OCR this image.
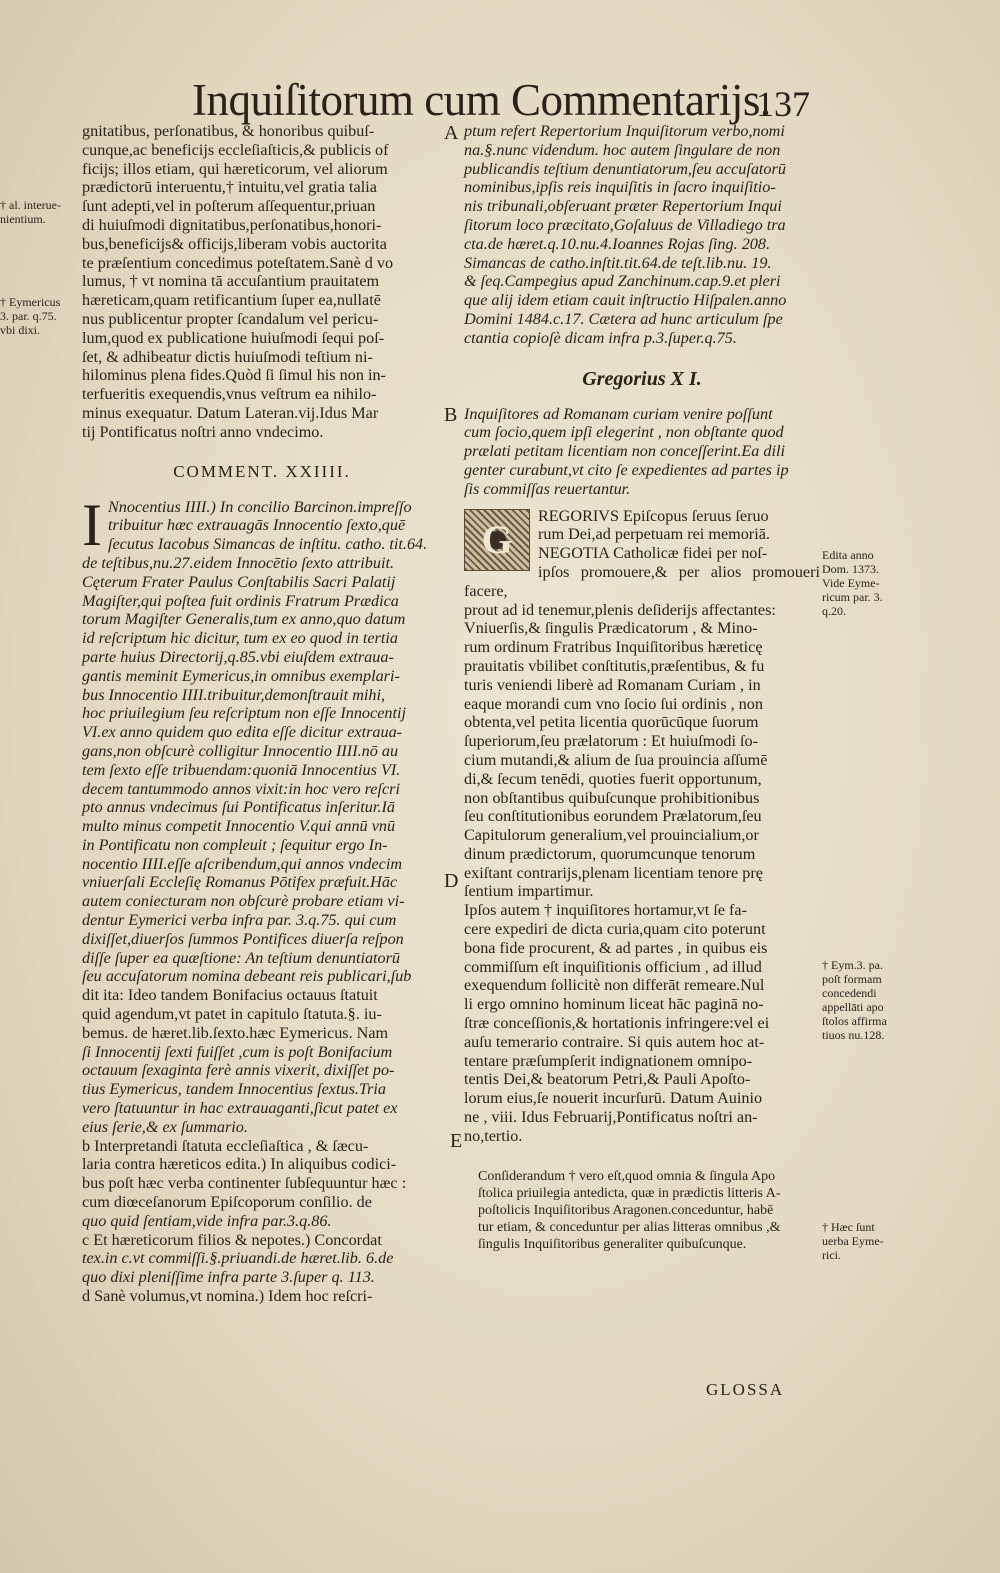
Inquiſitorum cum Commentarijs.
137

gnitatibus, perſonatibus, & honoribus quibuſ-

cunque,ac beneficijs eccleſiaſticis,& publicis of

ficijs; illos etiam, qui hæreticorum, vel aliorum

prædictorū interuentu,† intuitu,vel gratia talia

ſunt adepti,vel in poſterum aſſequentur,priuan

di huiuſmodi dignitatibus,perſonatibus,honori-

bus,beneficijs& officijs,liberam vobis auctorita

te præſentium concedimus poteſtatem.Sanè d vo

lumus, † vt nomina tā accuſantium prauitatem

hæreticam,quam retificantium ſuper ea,nullatē

nus publicentur propter ſcandalum vel pericu-

lum,quod ex publicatione huiuſmodi ſequi poſ-

ſet, & adhibeatur dictis huiuſmodi teſtium ni-

hilominus plena fides.Quòd ſi ſimul his non in-

terfueritis exequendis,vnus veſtrum ea nihilo-

minus exequatur. Datum Lateran.vij.Idus Mar

tij Pontificatus noſtri anno vndecimo.

COMMENT. XXIIII.
I Nnocentius IIII.) In concilio Barcinon.impreſſo

tribuitur hæc extrauagās Innocentio ſexto,quē

ſecutus Iacobus Simancas de inſtitu. catho. tit.64.

de teſtibus,nu.27.eidem Innocētio ſexto attribuit.

Cęterum Frater Paulus Conſtabilis Sacri Palatij

Magiſter,qui poſtea fuit ordinis Fratrum Prædica

torum Magiſter Generalis,tum ex anno,quo datum

id reſcriptum hic dicitur, tum ex eo quod in tertia

parte huius Directorij,q.85.vbi eiuſdem extraua-

gantis meminit Eymericus,in omnibus exemplari-

bus Innocentio IIII.tribuitur,demonſtrauit mihi,

hoc priuilegium ſeu reſcriptum non eſſe Innocentij

VI.ex anno quidem quo edita eſſe dicitur extraua-

gans,non obſcurè colligitur Innocentio IIII.nō au

tem ſexto eſſe tribuendam:quoniā Innocentius VI.

decem tantummodo annos vixit:in hoc vero reſcri

pto annus vndecimus ſui Pontificatus inſeritur.Iā

multo minus competit Innocentio V.qui annū vnū

in Pontificatu non compleuit ; ſequitur ergo In-

nocentio IIII.eſſe aſcribendum,qui annos vndecim

vniuerſali Eccleſię Romanus Pōtifex præfuit.Hāc

autem coniecturam non obſcurè probare etiam vi-

dentur Eymerici verba infra par. 3.q.75. qui cum

dixiſſet,diuerſos ſummos Pontifices diuerſa reſpon

diſſe ſuper ea quæſtione: An teſtium denuntiatorū

ſeu accuſatorum nomina debeant reis publicari,ſub

dit ita: Ideo tandem Bonifacius octauus ſtatuit

quid agendum,vt patet in capitulo ſtatuta.§. iu-

bemus. de hæret.lib.ſexto.hæc Eymericus. Nam

ſi Innocentij ſexti fuiſſet ,cum is poſt Bonifacium

octauum ſexaginta ferè annis vixerit, dixiſſet po-

tius Eymericus, tandem Innocentius ſextus.Tria

vero ſtatuuntur in hac extrauaganti,ſicut patet ex

eius ſerie,& ex ſummario.

b Interpretandi ſtatuta eccleſiaſtica , & ſæcu-

laria contra hæreticos edita.) In aliquibus codici-

bus poſt hæc verba continenter ſubſequuntur hæc :

cum diœceſanorum Epiſcoporum conſilio. de

quo quid ſentiam,vide infra par.3.q.86.

c Et hæreticorum filios & nepotes.) Concordat

tex.in c.vt commiſſi.§.priuandi.de hæret.lib. 6.de

quo dixi pleniſſime infra parte 3.ſuper q. 113.

d Sanè volumus,vt nomina.) Idem hoc reſcri-

ptum refert Repertorium Inquiſitorum verbo,nomi

na.§.nunc videndum. hoc autem ſingulare de non

publicandis teſtium denuntiatorum,ſeu accuſatorū

nominibus,ipſis reis inquiſitis in ſacro inquiſitio-

nis tribunali,obſeruant præter Repertorium Inqui

ſitorum loco præcitato,Goſaluus de Villadiego tra

cta.de hæret.q.10.nu.4.Ioannes Rojas ſing. 208.

Simancas de catho.inſtit.tit.64.de teſt.lib.nu. 19.

& ſeq.Campegius apud Zanchinum.cap.9.et pleri

que alij idem etiam cauit inſtructio Hiſpalen.anno

Domini 1484.c.17. Cætera ad hunc articulum ſpe

ctantia copioſè dicam infra p.3.ſuper.q.75.

Gregorius X I.

Inquiſitores ad Romanam curiam venire poſſunt

cum ſocio,quem ipſi elegerint , non obſtante quod

prælati petitam licentiam non conceſſerint.Ea dili

genter curabunt,vt cito ſe expedientes ad partes ip

ſis commiſſas reuertantur.

G

REGORIVS Epiſcopus ſeruus ſeruo

rum Dei,ad perpetuam rei memoriā.

NEGOTIA Catholicæ fidei per noſ-

ipſos promouere,& per alios promoueri facere,

prout ad id tenemur,plenis deſiderijs affectantes:

Vniuerſis,& ſingulis Prædicatorum , & Mino-

rum ordinum Fratribus Inquiſitoribus hæreticę

prauitatis vbilibet conſtitutis,præſentibus, & fu

turis veniendi liberè ad Romanam Curiam , in

eaque morandi cum vno ſocio ſui ordinis , non

obtenta,vel petita licentia quorūcūque ſuorum

ſuperiorum,ſeu prælatorum : Et huiuſmodi ſo-

cium mutandi,& alium de ſua prouincia aſſumē

di,& ſecum tenēdi, quoties fuerit opportunum,

non obſtantibus quibuſcunque prohibitionibus

ſeu conſtitutionibus eorundem Prælatorum,ſeu

Capitulorum generalium,vel prouincialium,or

dinum prædictorum, quorumcunque tenorum

exiſtant contrarijs,plenam licentiam tenore prę

ſentium impartimur.

Ipſos autem † inquiſitores hortamur,vt ſe fa-

cere expediri de dicta curia,quam cito poterunt

bona fide procurent, & ad partes , in quibus eis

commiſſum eſt inquiſitionis officium , ad illud

exequendum ſollicitè non differāt remeare.Nul

li ergo omnino hominum liceat hāc paginā no-

ſtræ conceſſionis,& hortationis infringere:vel ei

auſu temerario contraire. Si quis autem hoc at-

tentare præſumpſerit indignationem omnipo-

tentis Dei,& beatorum Petri,& Pauli Apoſto-

lorum eius,ſe nouerit incurſurū. Datum Auinio

ne , viii. Idus Februarij,Pontificatus noſtri an-

no,tertio.

Conſiderandum † vero eſt,quod omnia & ſingula Apo

ſtolica priuilegia antedicta, quæ in prædictis litteris A-

poſtolicis Inquiſitoribus Aragonen.conceduntur, habē

tur etiam, & conceduntur per alias litteras omnibus ,&

ſingulis Inquiſitoribus generaliter quibuſcunque.

GLOSSA
† al. interue-
nientium.
† Eymericus
3. par. q.75.
vbi dixi.
Edita anno
Dom. 1373.
Vide Eyme-
ricum par. 3.
q.20.
† Eym.3. pa.
poſt formam
concedendi
appellāti apo
ſtolos affirma
tiuos nu.128.
† Hæc ſunt
uerba Eyme-
rici.
A
B
D
E
